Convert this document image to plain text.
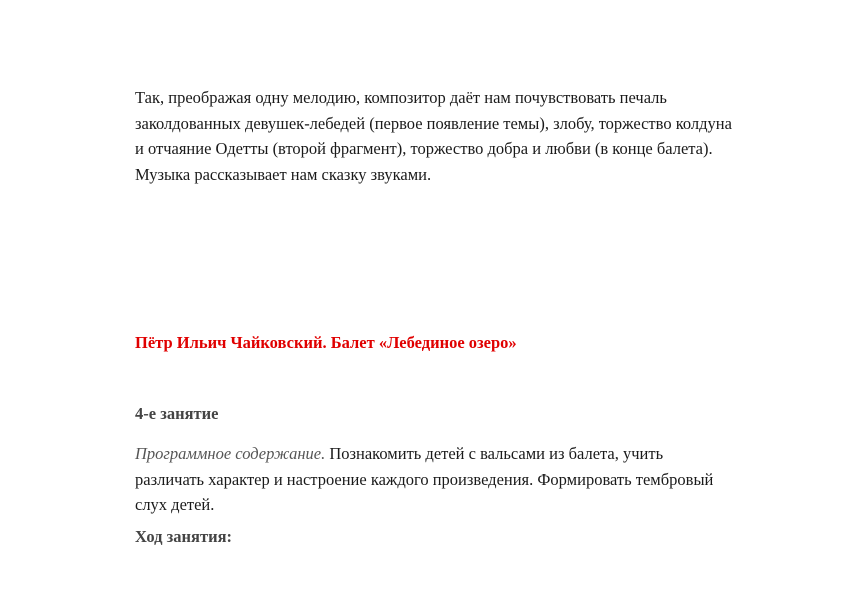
Так, преображая одну мелодию, композитор даёт нам почувствовать печаль заколдованных девушек-лебедей (первое появление темы), злобу, торжество колдуна и отчаяние Одетты (второй фрагмент), торжество добра и любви (в конце балета). Музыка рассказывает нам сказку звуками.

Пётр Ильич Чайковский. Балет «Лебединое озеро»

4-е занятие

Программное содержание. Познакомить детей с вальсами из балета, учить различать характер и настроение каждого произведения. Формировать тембровый слух детей.

Ход занятия:
